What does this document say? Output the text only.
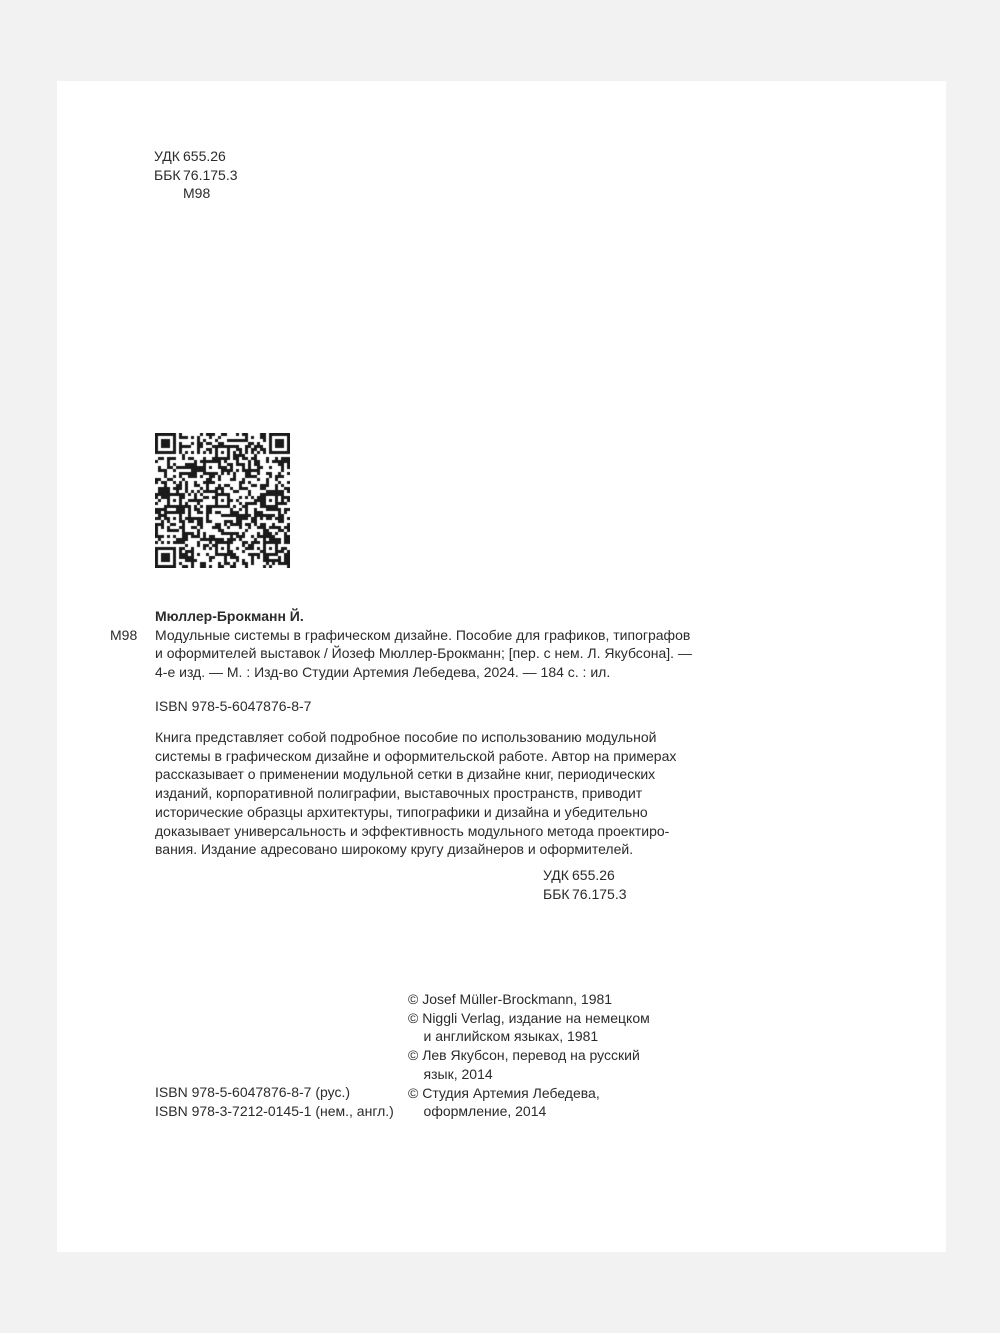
УДК 655.26
ББК 76.175.3
М98
М98
Мюллер-Брокманн Й.
Модульные системы в графическом дизайне. Пособие для графиков, типографов
и оформителей выставок / Йозеф Мюллер-Брокманн; [пер. с нем. Л. Якубсона]. —
4-е изд. — М. : Изд-во Студии Артемия Лебедева, 2024. — 184 с. : ил.
ISBN 978-5-6047876-8-7
Книга представляет собой подробное пособие по использованию модульной
системы в графическом дизайне и оформительской работе. Автор на примерах
рассказывает о применении модульной сетки в дизайне книг, периодических
изданий, корпоративной полиграфии, выставочных пространств, приводит
исторические образцы архитектуры, типографики и дизайна и убедительно
доказывает универсальность и эффективность модульного метода проектиро-
вания. Издание адресовано широкому кругу дизайнеров и оформителей.
УДК 655.26
ББК 76.175.3
© Josef Müller-Brockmann, 1981
© Niggli Verlag, издание на немецком
и английском языках, 1981
© Лев Якубсон, перевод на русский
язык, 2014
© Студия Артемия Лебедева,
оформление, 2014
ISBN 978-5-6047876-8-7 (рус.)
ISBN 978-3-7212-0145-1 (нем., англ.)
